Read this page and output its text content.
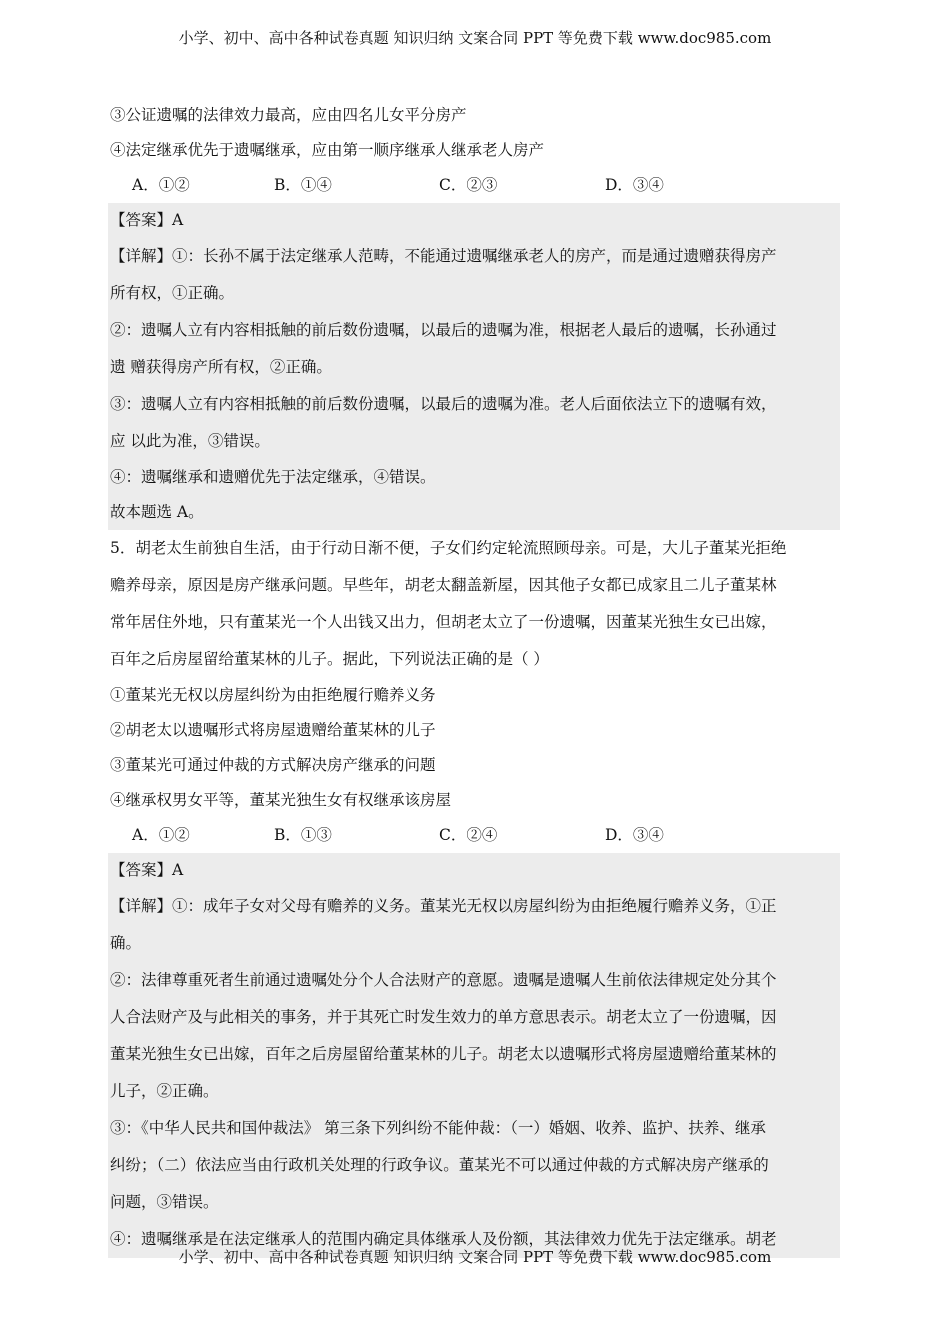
小学、初中、高中各种试卷真题 知识归纳 文案合同 PPT 等免费下载 www.doc985.com
③公证遗嘱的法律效力最高，应由四名儿女平分房产
④法定继承优先于遗嘱继承，应由第一顺序继承人继承老人房产
A．①②	B．①④	C．②③	D．③④
【答案】A
【详解】①：长孙不属于法定继承人范畴，不能通过遗嘱继承老人的房产，而是通过遗赠获得房产
所有权，①正确。
②：遗嘱人立有内容相抵触的前后数份遗嘱，以最后的遗嘱为准，根据老人最后的遗嘱，长孙通过
遗 赠获得房产所有权，②正确。
③：遗嘱人立有内容相抵触的前后数份遗嘱，以最后的遗嘱为准。老人后面依法立下的遗嘱有效，
应 以此为准，③错误。
④：遗嘱继承和遗赠优先于法定继承，④错误。
故本题选 A。
5．胡老太生前独自生活，由于行动日渐不便，子女们约定轮流照顾母亲。可是，大儿子董某光拒绝
赡养母亲，原因是房产继承问题。早些年，胡老太翻盖新屋，因其他子女都已成家且二儿子董某林
常年居住外地，只有董某光一个人出钱又出力，但胡老太立了一份遗嘱，因董某光独生女已出嫁，
百年之后房屋留给董某林的儿子。据此，下列说法正确的是（ ）
①董某光无权以房屋纠纷为由拒绝履行赡养义务
②胡老太以遗嘱形式将房屋遗赠给董某林的儿子
③董某光可通过仲裁的方式解决房产继承的问题
④继承权男女平等，董某光独生女有权继承该房屋
A．①②	B．①③	C．②④	D．③④
【答案】A
【详解】①：成年子女对父母有赡养的义务。董某光无权以房屋纠纷为由拒绝履行赡养义务，①正
确。
②：法律尊重死者生前通过遗嘱处分个人合法财产的意愿。遗嘱是遗嘱人生前依法律规定处分其个
人合法财产及与此相关的事务，并于其死亡时发生效力的单方意思表示。胡老太立了一份遗嘱，因
董某光独生女已出嫁，百年之后房屋留给董某林的儿子。胡老太以遗嘱形式将房屋遗赠给董某林的
儿子，②正确。
③：《中华人民共和国仲裁法》 第三条下列纠纷不能仲裁：（一）婚姻、收养、监护、扶养、继承
纠纷；（二）依法应当由行政机关处理的行政争议。董某光不可以通过仲裁的方式解决房产继承的
问题，③错误。
④：遗嘱继承是在法定继承人的范围内确定具体继承人及份额，其法律效力优先于法定继承。胡老
小学、初中、高中各种试卷真题 知识归纳 文案合同 PPT 等免费下载 www.doc985.com
